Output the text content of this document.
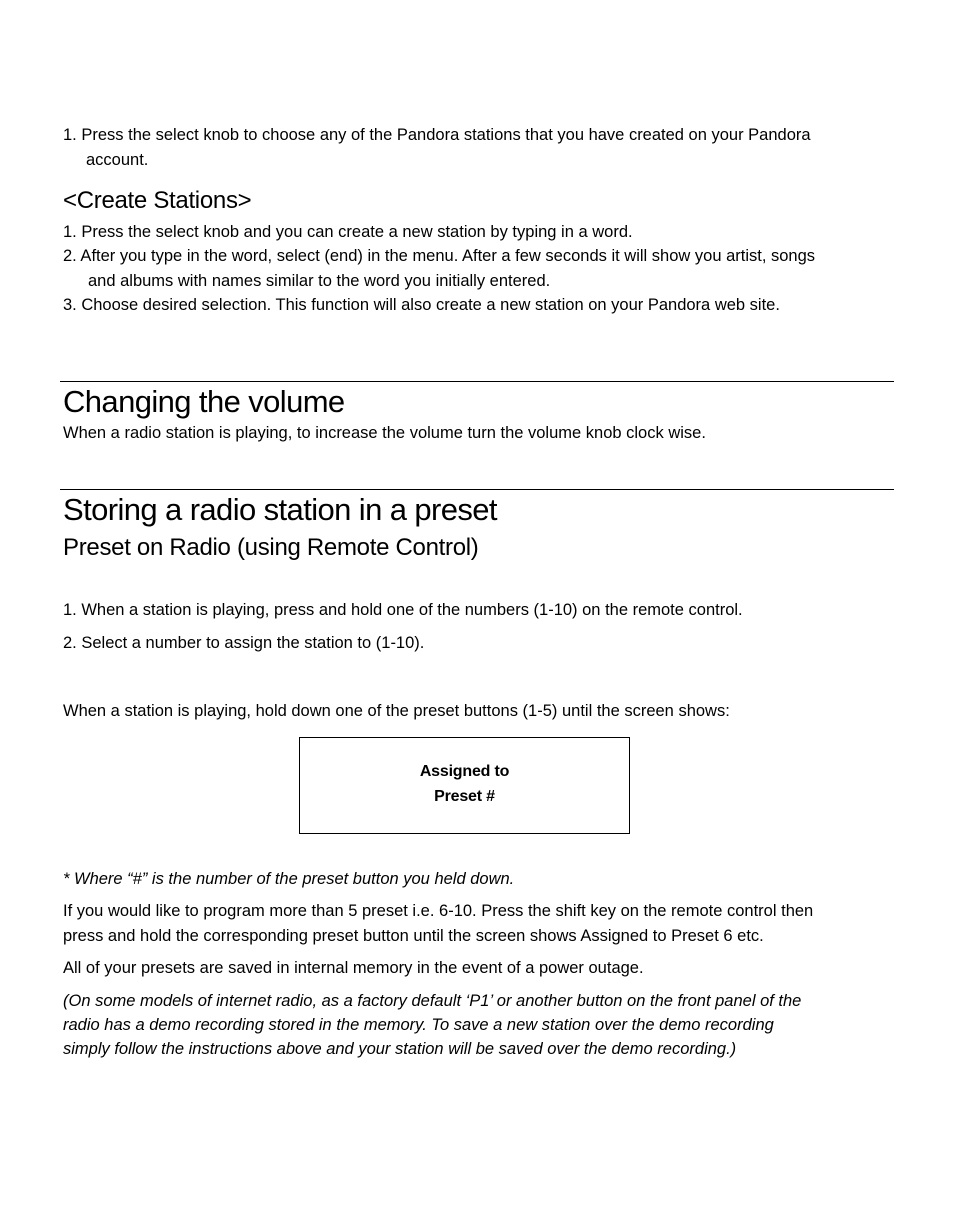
1. Press the select knob to choose any of the Pandora stations that you have created on your Pandora
account.
<Create Stations>
1. Press the select knob and you can create a new station by typing in a word.
2. After you type in the word, select (end) in the menu. After a few seconds it will show you artist, songs
and albums with names similar to the word you initially entered.
3. Choose desired selection. This function will also create a new station on your Pandora web site.
Changing the volume
When a radio station is playing, to increase the volume turn the volume knob clock wise.
Storing a radio station in a preset
Preset on Radio (using Remote Control)
1. When a station is playing, press and hold one of the numbers (1-10) on the remote control.
2. Select a number to assign the station to (1-10).
When a station is playing, hold down one of the preset buttons (1-5) until the screen shows:
Assigned to
Preset #
* Where “#” is the number of the preset button you held down.
If you would like to program more than 5 preset i.e. 6-10. Press the shift key on the remote control then
press and hold the corresponding preset button until the screen shows Assigned to Preset 6 etc.
All of your presets are saved in internal memory in the event of a power outage.
(On some models of internet radio, as a factory default ‘P1’ or another button on the front panel of the
radio has a demo recording stored in the memory. To save a new station over the demo recording
simply follow the instructions above and your station will be saved over the demo recording.)
